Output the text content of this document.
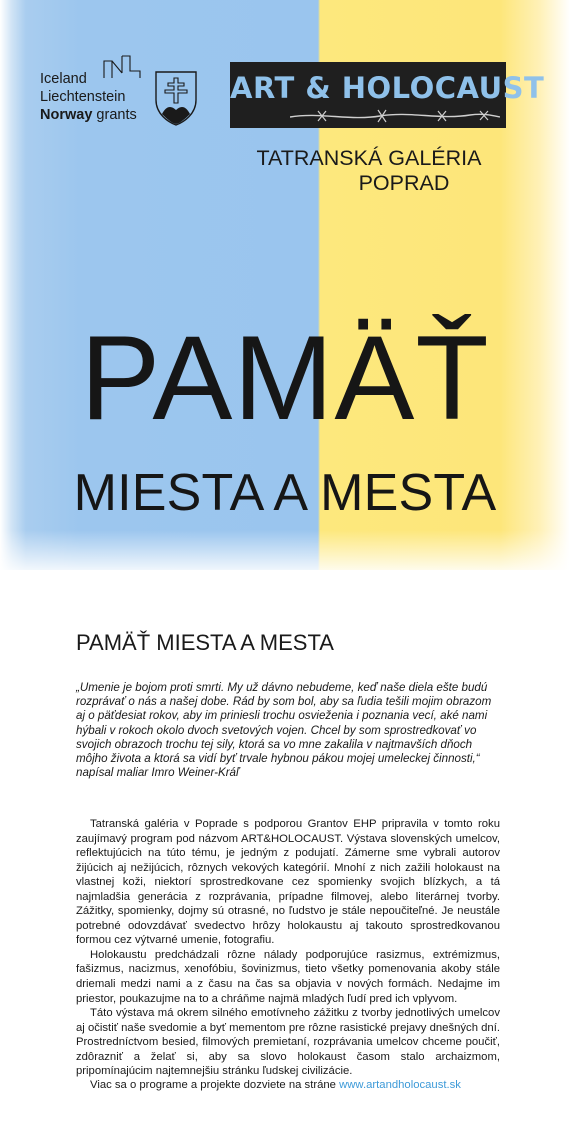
Iceland
Liechtenstein
Norway grants
ART & HOLOCAUST
TATRANSKÁ GALÉRIA
POPRAD
PAMÄŤ
MIESTA A MESTA
PAMÄŤ MIESTA A MESTA
„Umenie je bojom proti smrti. My už dávno nebudeme, keď naše diela ešte budú rozprávať o nás a našej dobe. Rád by som bol, aby sa ľudia tešili mojim obrazom aj o päťdesiat rokov, aby im priniesli trochu osvieženia i poznania vecí, aké nami hýbali v rokoch okolo dvoch svetových vojen. Chcel by som sprostredkovať vo svojich obrazoch trochu tej sily, ktorá sa vo mne zakalila v najtmavších dňoch môjho života a ktorá sa vidí byť trvale hybnou pákou mojej umeleckej činnosti,“ napísal maliar Imro Weiner-Kráľ

Tatranská galéria v Poprade s podporou Grantov EHP pripravila v tomto roku zaujímavý program pod názvom ART&HOLOCAUST. Výstava slovenských umelcov, reflektujúcich na túto tému, je jedným z podujatí. Zámerne sme vybrali autorov žijúcich aj nežijúcich, rôznych vekových kategórií. Mnohí z nich zažili holokaust na vlastnej koži, niektorí sprostredkovane cez spomienky svojich blízkych, a tá najmladšia generácia z rozprávania, prípadne filmovej, alebo literárnej tvorby. Zážitky, spomienky, dojmy sú otrasné, no ľudstvo je stále nepoučiteľné. Je neustále potrebné odovzdávať svedectvo hrôzy holokaustu aj takouto sprostredkovanou formou cez výtvarné umenie, fotografiu.

Holokaustu predchádzali rôzne nálady podporujúce rasizmus, extrémizmus, fašizmus, nacizmus, xenofóbiu, šovinizmus, tieto všetky pomenovania akoby stále driemali medzi nami a z času na čas sa objavia v nových formách. Nedajme im priestor, poukazujme na to a chráňme najmä mladých ľudí pred ich vplyvom.

Táto výstava má okrem silného emotívneho zážitku z tvorby jednotlivých umelcov aj očistiť naše svedomie a byť mementom pre rôzne rasistické prejavy dnešných dní. Prostredníctvom besied, filmových premietaní, rozprávania umelcov chceme poučiť, zdôrazniť a želať si, aby sa slovo holokaust časom stalo archaizmom, pripomínajúcim najtemnejšiu stránku ľudskej civilizácie.

Viac sa o programe a projekte dozviete na stráne www.artandholocaust.sk
